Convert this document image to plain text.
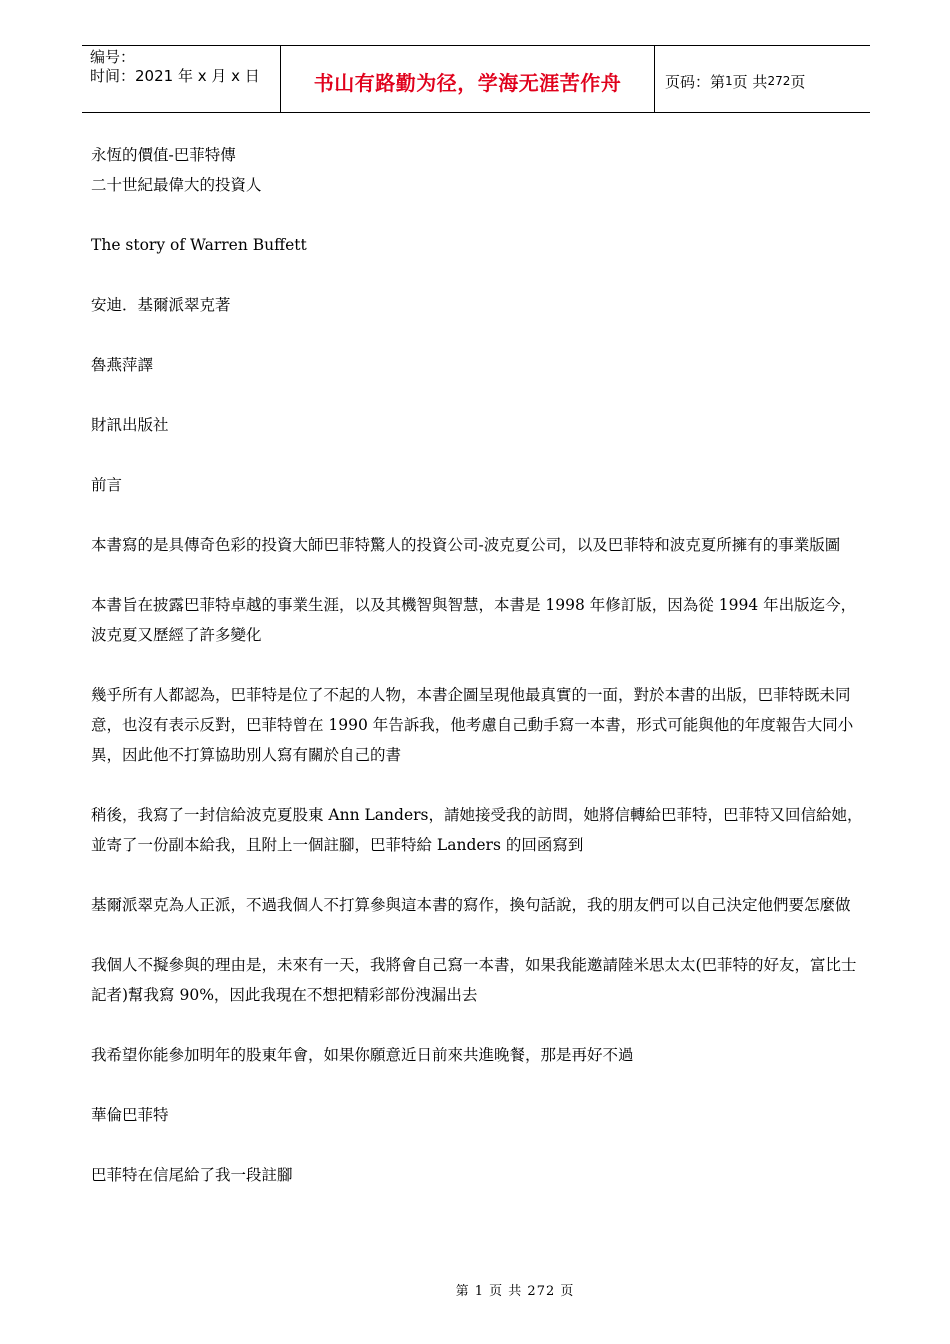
编号：
时间：2021 年 x 月 x 日	书山有路勤为径，学海无涯苦作舟	页码：第 1 页 共 272 页

永恆的價值-巴菲特傳

二十世紀最偉大的投資人

The story of Warren Buffett

安迪．基爾派翠克著

魯燕萍譯

財訊出版社

前言

本書寫的是具傳奇色彩的投資大師巴菲特驚人的投資公司-波克夏公司，以及巴菲特和波克夏所擁有的事業版圖

本書旨在披露巴菲特卓越的事業生涯，以及其機智與智慧，本書是 1998 年修訂版，因為從 1994 年出版迄今，波克夏又歷經了許多變化

幾乎所有人都認為，巴菲特是位了不起的人物，本書企圖呈現他最真實的一面，對於本書的出版，巴菲特既未同意，也沒有表示反對，巴菲特曾在 1990 年告訴我，他考慮自己動手寫一本書，形式可能與他的年度報告大同小異，因此他不打算協助別人寫有關於自己的書

稍後，我寫了一封信給波克夏股東 Ann Landers，請她接受我的訪問，她將信轉給巴菲特，巴菲特又回信給她，並寄了一份副本給我，且附上一個註腳，巴菲特給 Landers 的回函寫到

基爾派翠克為人正派，不過我個人不打算參與這本書的寫作，換句話說，我的朋友們可以自己決定他們要怎麼做

我個人不擬參與的理由是，未來有一天，我將會自己寫一本書，如果我能邀請陸米思太太(巴菲特的好友，富比士記者)幫我寫 90%，因此我現在不想把精彩部份洩漏出去

我希望你能參加明年的股東年會，如果你願意近日前來共進晚餐，那是再好不過

華倫巴菲特

巴菲特在信尾給了我一段註腳

第 1 页 共 272 页
